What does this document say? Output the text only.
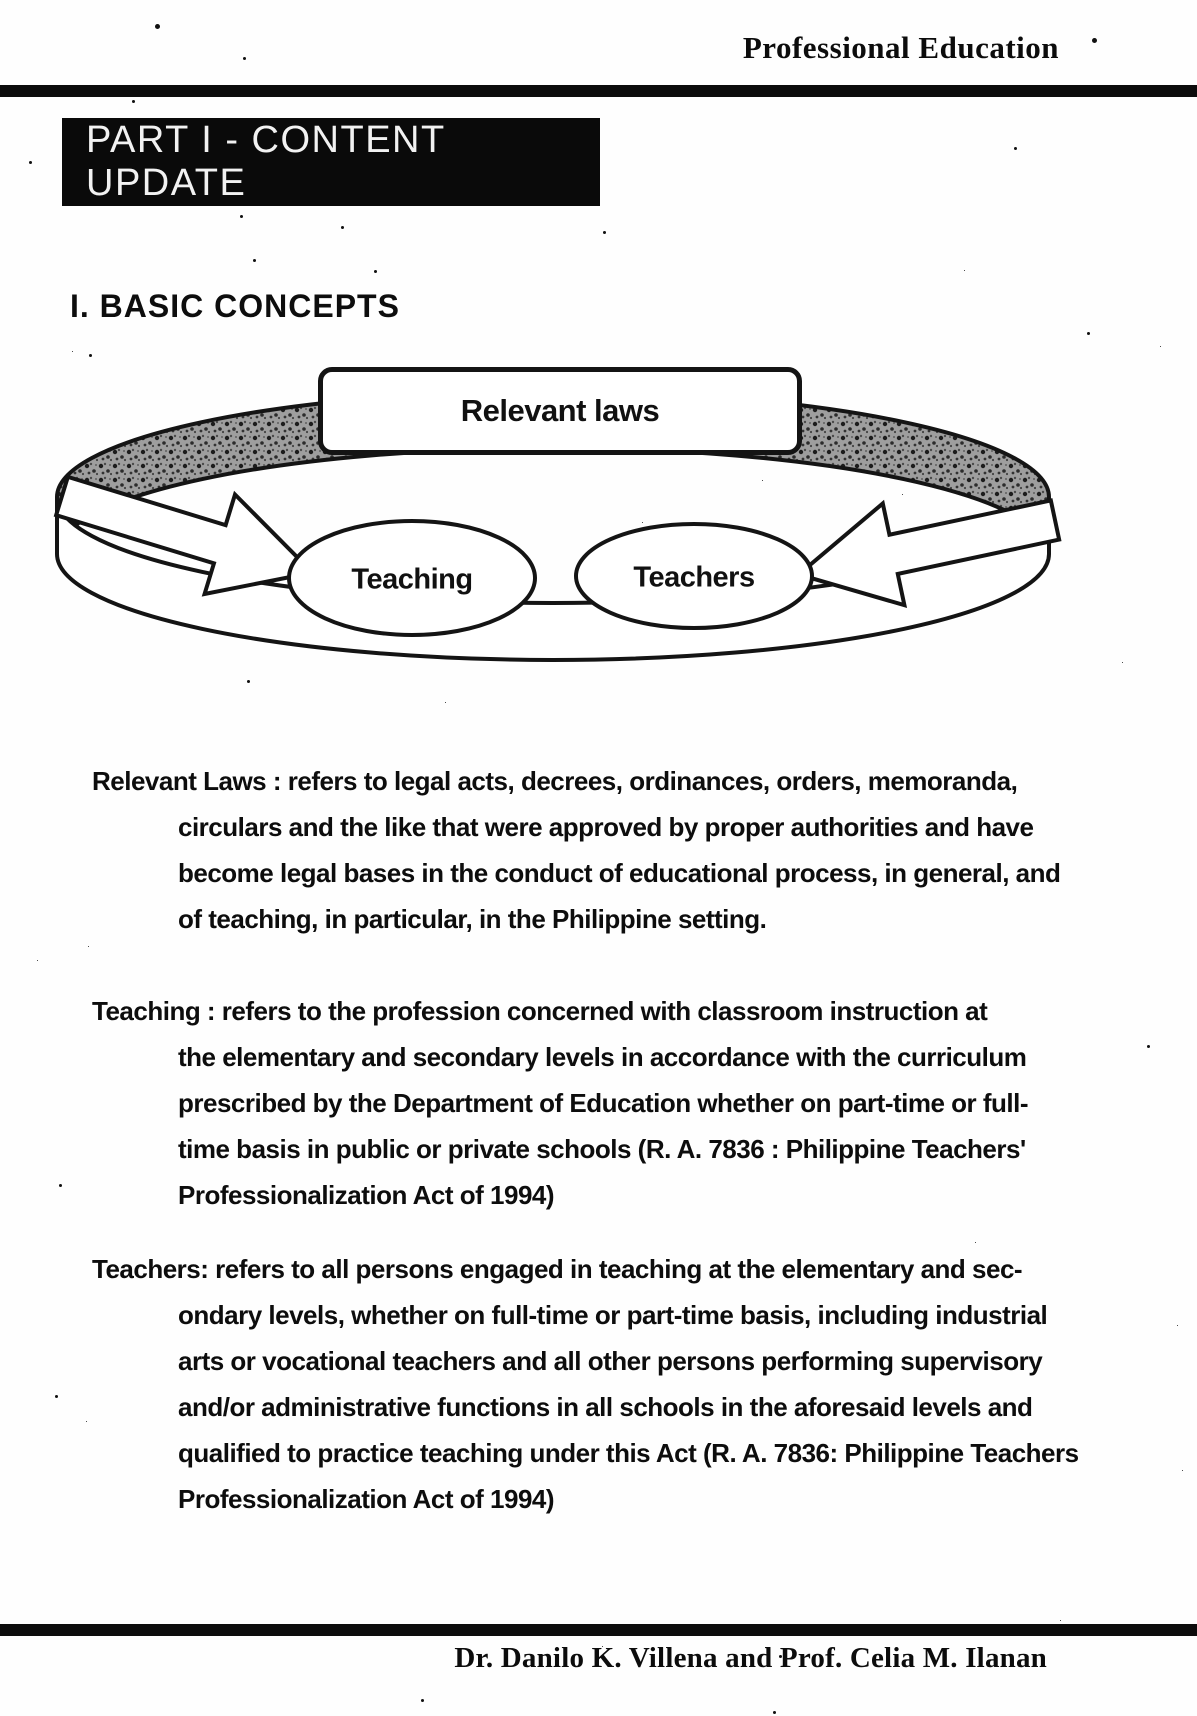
Professional Education
PART I - CONTENT UPDATE
I. BASIC CONCEPTS
Relevant laws
Teaching	Teachers
Relevant Laws : refers to legal acts, decrees, ordinances, orders, memoranda,
circulars and the like that were approved by proper authorities and have
become legal bases in the conduct of educational process, in general, and
of teaching, in particular, in the Philippine setting.
Teaching : refers to the profession concerned with classroom instruction at
the elementary and secondary levels in accordance with the curriculum
prescribed by the Department of Education whether on part-time or full-
time basis in public or private schools (R. A. 7836 : Philippine Teachers'
Professionalization Act of 1994)
Teachers: refers to all persons engaged in teaching at the elementary and sec-
ondary levels, whether on full-time or part-time basis, including industrial
arts or vocational teachers and all other persons performing supervisory
and/or administrative functions in all schools in the aforesaid levels and
qualified to practice teaching under this Act (R. A. 7836: Philippine Teachers
Professionalization Act of 1994)
Dr. Danilo K. Villena and Prof. Celia M. Ilanan
